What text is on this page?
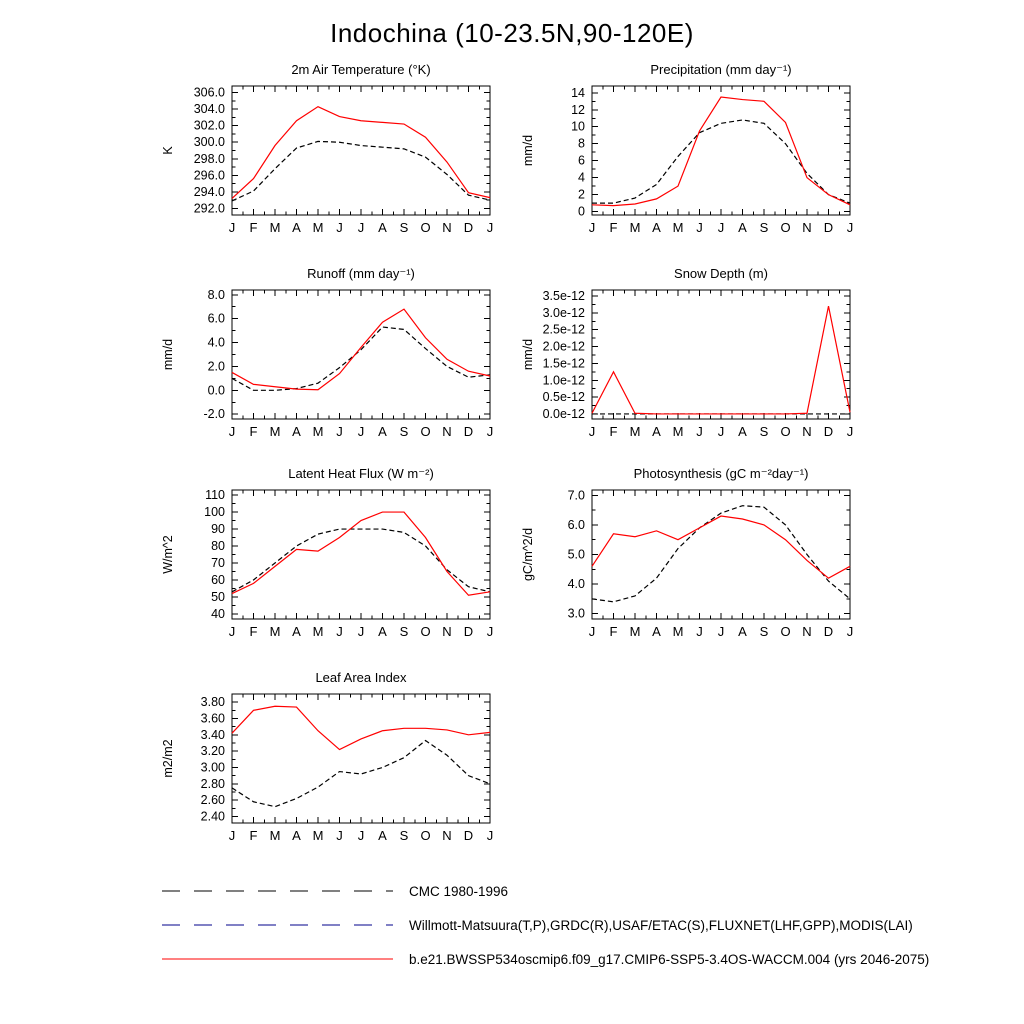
Indochina (10-23.5N,90-120E)
2m Air Temperature (°K)
K
292.0
294.0
296.0
298.0
300.0
302.0
304.0
306.0
J F M A M J J A S O N D J
Precipitation (mm day⁻¹)
mm/d
0
2
4
6
8
10
12
14
J F M A M J J A S O N D J
Runoff (mm day⁻¹)
mm/d
-2.0
0.0
2.0
4.0
6.0
8.0
J F M A M J J A S O N D J
Snow Depth (m)
mm/d
0.0e-12
0.5e-12
1.0e-12
1.5e-12
2.0e-12
2.5e-12
3.0e-12
3.5e-12
J F M A M J J A S O N D J
Latent Heat Flux (W m⁻²)
W/m^2
40
50
60
70
80
90
100
110
J F M A M J J A S O N D J
Photosynthesis (gC m⁻²day⁻¹)
gC/m^2/d
3.0
4.0
5.0
6.0
7.0
J F M A M J J A S O N D J
Leaf Area Index
m2/m2
2.40
2.60
2.80
3.00
3.20
3.40
3.60
3.80
J F M A M J J A S O N D J
CMC 1980-1996
Willmott-Matsuura(T,P),GRDC(R),USAF/ETAC(S),FLUXNET(LHF,GPP),MODIS(LAI)
b.e21.BWSSP534oscmip6.f09_g17.CMIP6-SSP5-3.4OS-WACCM.004 (yrs 2046-2075)
